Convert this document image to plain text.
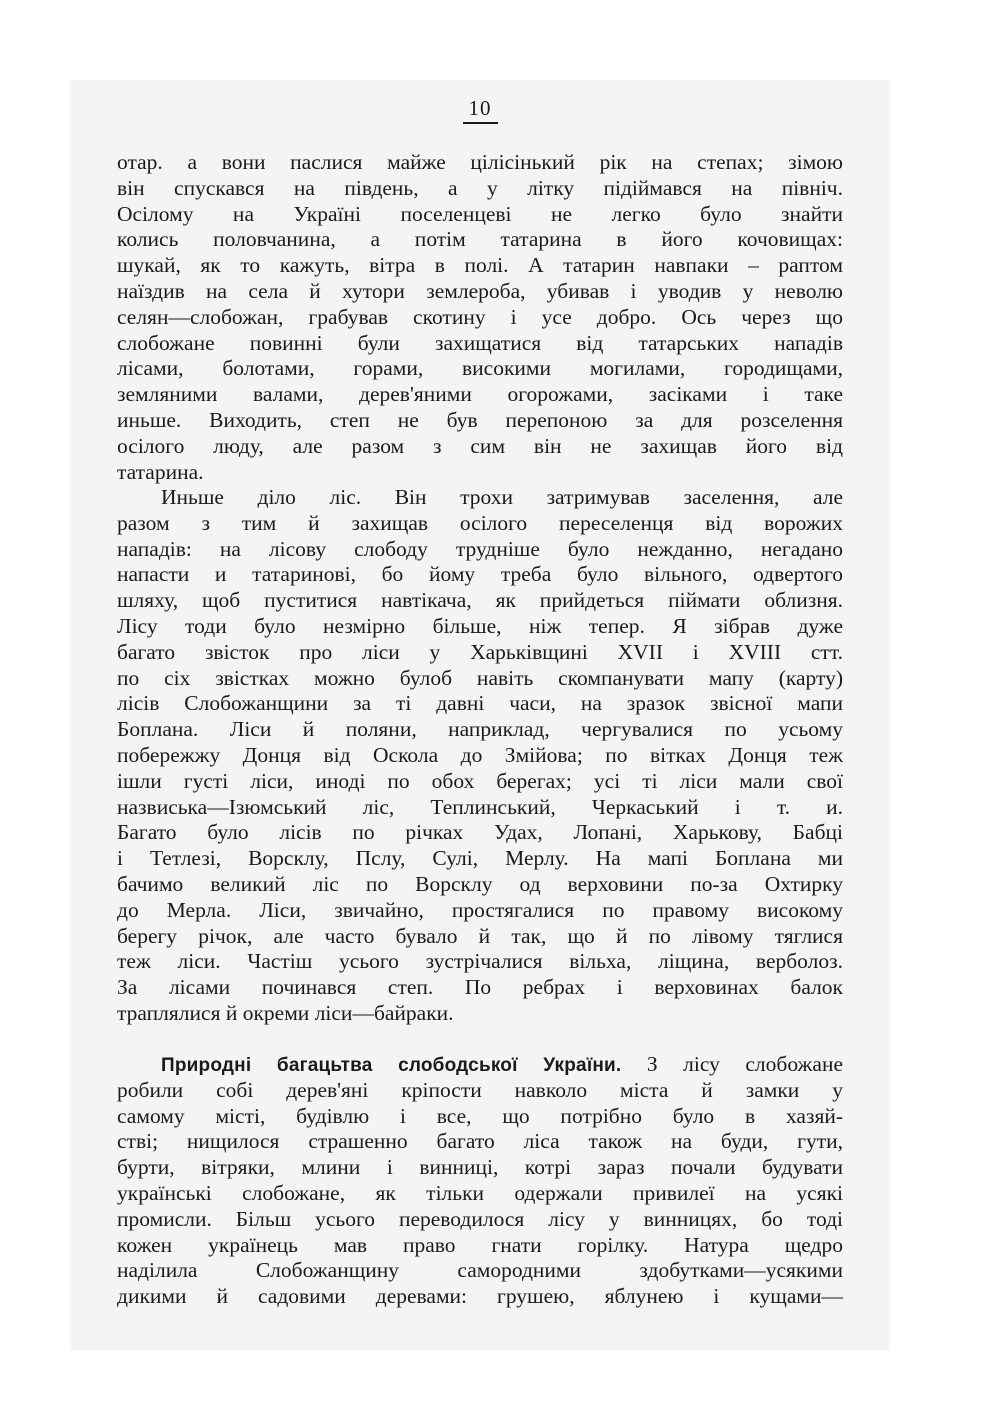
10
отар. а вони паслися майже цілісінький рік на степах; зімою
він спускався на південь, а у літку підіймався на північ.
Осілому на Україні поселенцеві не легко було знайти
колись половчанина, а потім татарина в його кочовищах:
шукай, як то кажуть, вітра в полі. А татарин навпаки – раптом
наїздив на села й хутори землероба, убивав і уводив у неволю
селян—слобожан, грабував скотину і усе добро. Ось через що
слобожане повинні були захищатися від татарських нападів
лісами, болотами, горами, високими могилами, городищами,
земляними валами, дерев'яними огорожами, засіками і таке
иньше. Виходить, степ не був перепоною за для розселення
осілого люду, але разом з сим він не захищав його від
татарина.
Иньше діло ліс. Він трохи затримував заселення, але
разом з тим й захищав осілого переселенця від ворожих
нападів: на лісову слободу трудніше було нежданно, негадано
напасти и татаринові, бо йому треба було вільного, одвертого
шляху, щоб пуститися навтікача, як прийдеться піймати облизня.
Лісу тоди було незмірно більше, ніж тепер. Я зібрав дуже
багато звісток про ліси у Харьківщині XVII і XVIII стт.
по сіх звістках можно булоб навіть скомпанувати мапу (карту)
лісів Слобожанщини за ті давні часи, на зразок звісної мапи
Боплана. Ліси й поляни, наприклад, чергувалися по усьому
побережжу Донця від Оскола до Змійова; по вітках Донця теж
ішли густі ліси, иноді по обох берегах; усі ті ліси мали свої
назвиська—Ізюмський ліс, Теплинський, Черкаський і т. и.
Багато було лісів по річках Удах, Лопані, Харькову, Бабці
і Тетлезі, Ворсклу, Пслу, Сулі, Мерлу. На мапі Боплана ми
бачимо великий ліс по Ворсклу од верховини по-за Охтирку
до Мерла. Ліси, звичайно, простягалися по правому високому
берегу річок, але часто бувало й так, що й по лівому тяглися
теж ліси. Частіш усього зустрічалися вільха, ліщина, верболоз.
За лісами починався степ. По ребрах і верховинах балок
траплялися й окреми ліси—байраки.
Природні багацьтва слободської України. З лісу слобожане
робили собі дерев'яні кріпости навколо міста й замки у
самому місті, будівлю і все, що потрібно було в хазяй-
стві; нищилося страшенно багато ліса також на буди, гути,
бурти, вітряки, млини і винниці, котрі зараз почали будувати
українські слобожане, як тільки одержали привилеї на усякі
промисли. Більш усього переводилося лісу у винницях, бо тоді
кожен українець мав право гнати горілку. Натура щедро
наділила Слобожанщину самородними здобутками—усякими
дикими й садовими деревами: грушею, яблунею і кущами—
